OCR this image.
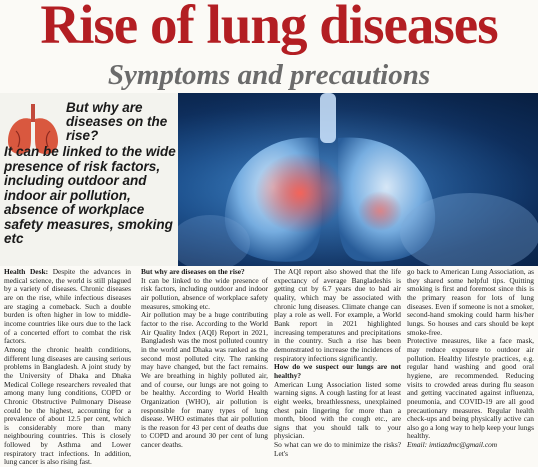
Rise of lung diseases
Symptoms and precautions

But why are diseases on the rise?

It can be linked to the wide presence of risk factors, including outdoor and indoor air pollution, absence of workplace safety measures, smoking etc

Health Desk: Despite the advances in medical science, the world is still plagued by a variety of diseases. Chronic diseases are on the rise, while infectious diseases are staging a comeback. Such a double burden is often higher in low to middle-income countries like ours due to the lack of a concerted effort to combat the risk factors.

Among the chronic health conditions, different lung diseases are causing serious problems in Bangladesh. A joint study by the University of Dhaka and Dhaka Medical College researchers revealed that among many lung conditions, COPD or Chronic Obstructive Pulmonary Disease could be the highest, accounting for a prevalence of about 12.5 per cent, which is considerably more than many neighbouring countries. This is closely followed by Asthma and Lower respiratory tract infections. In addition, lung cancer is also rising fast.

But why are diseases on the rise?

It can be linked to the wide presence of risk factors, including outdoor and indoor air pollution, absence of workplace safety measures, smoking etc.

Air pollution may be a huge contributing factor to the rise. According to the World Air Quality Index (AQI) Report in 2021, Bangladesh was the most polluted country in the world and Dhaka was ranked as the second most polluted city. The ranking may have changed, but the fact remains. We are breathing in highly polluted air, and of course, our lungs are not going to be healthy. According to World Health Organization (WHO), air pollution is responsible for many types of lung disease. WHO estimates that air pollution is the reason for 43 per cent of deaths due to COPD and around 30 per cent of lung cancer deaths.

The AQI report also showed that the life expectancy of average Bangladeshis is getting cut by 6.7 years due to bad air quality, which may be associated with chronic lung diseases. Climate change can play a role as well. For example, a World Bank report in 2021 highlighted increasing temperatures and precipitations in the country. Such a rise has been demonstrated to increase the incidences of respiratory infections significantly.

How do we suspect our lungs are not healthy?

American Lung Association listed some warning signs. A cough lasting for at least eight weeks, breathlessness, unexplained chest pain lingering for more than a month, blood with the cough etc., are signs that you should talk to your physician.

So what can we do to minimize the risks? Let's

go back to American Lung Association, as they shared some helpful tips. Quitting smoking is first and foremost since this is the primary reason for lots of lung diseases. Even if someone is not a smoker, second-hand smoking could harm his/her lungs. So houses and cars should be kept smoke-free.

Protective measures, like a face mask, may reduce exposure to outdoor air pollution. Healthy lifestyle practices, e.g. regular hand washing and good oral hygiene, are recommended. Reducing visits to crowded areas during flu season and getting vaccinated against influenza, pneumonia, and COVID-19 are all good precautionary measures. Regular health check-ups and being physically active can also go a long way to help keep your lungs healthy.

Email: imtiazdmc@gmail.com
